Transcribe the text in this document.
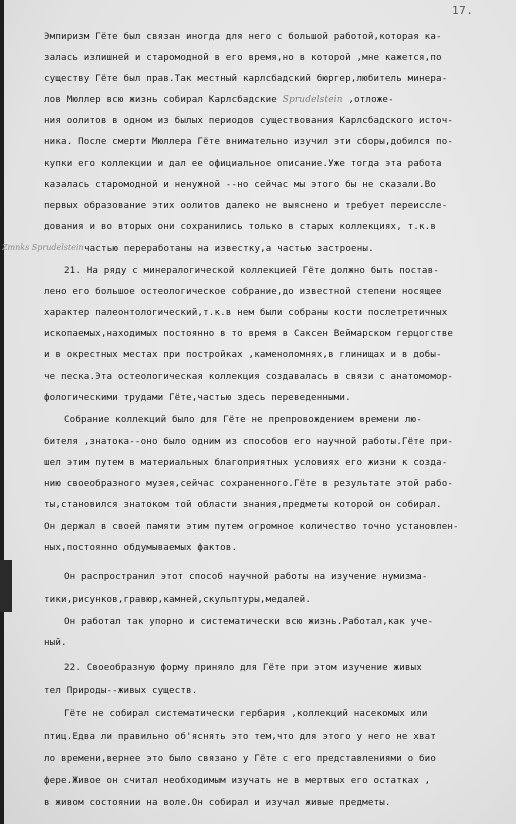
17.
Zmnks Sprudelstein
Эмпиризм Гёте был связан иногда для него с большой работой,которая ка-
залась излишней и старомодной в его время,но в которой ,мне кажется,по
существу Гёте был прав.Так местный карлсбадский бюргер,любитель минера-
лов Мюллер всю жизнь собирал Карлсбадские Sprudelstein ,отложе-
ния оолитов в одном из былых периодов существования Карлсбадского источ-
ника. После смерти Мюллера Гёте внимательно изучил эти сборы,добился по-
купки его коллекции и дал ее официальное описание.Уже тогда эта работа
казалась старомодной и ненужной --но сейчас мы этого бы не сказали.Во
первых образование этих оолитов далеко не выяснено и требует переиссле-
дования и во вторых они сохранились только в старых коллекциях, т.к.в
частью переработаны на известку,а частью застроены.
21. На ряду с минералогической коллекцией Гёте должно быть постав-
лено его большое остеологическое собрание,до известной степени носящее
характер палеонтологический,т.к.в нем были собраны кости послетретичных
ископаемых,находимых постоянно в то время в Саксен Веймарском герцогстве
и в окрестных местах при постройках ,каменоломнях,в глинищах и в добы-
че песка.Эта остеологическая коллекция создавалась в связи с анатомомор-
фологическими трудами Гёте,частью здесь переведенными.
Собрание коллекций было для Гёте не препровождением времени лю-
бителя ,знатока--оно было одним из способов его научной работы.Гёте при-
шел этим путем в материальных благоприятных условиях его жизни к созда-
нию своеобразного музея,сейчас сохраненного.Гёте в результате этой рабо-
ты,становился знатоком той области знания,предметы которой он собирал.
Он держал в своей памяти этим путем огромное количество точно установлен-
ных,постоянно обдумываемых фактов.
Он распространил этот способ научной работы на изучение нумизма-
тики,рисунков,гравюр,камней,скульптуры,медалей.
Он работал так упорно и систематически всю жизнь.Работал,как уче-
ный.
22. Своеобразную форму приняло для Гёте при этом изучение живых
тел Природы--живых существ.
Гёте не собирал систематически гербария ,коллекций насекомых или
птиц.Едва ли правильно об'яснять это тем,что для этого у него не хват
ло времени,вернее это было связано у Гёте с его представлениями о био
фере.Живое он считал необходимым изучать не в мертвых его остатках ,
в живом состоянии на воле.Он собирал и изучал живые предметы.
